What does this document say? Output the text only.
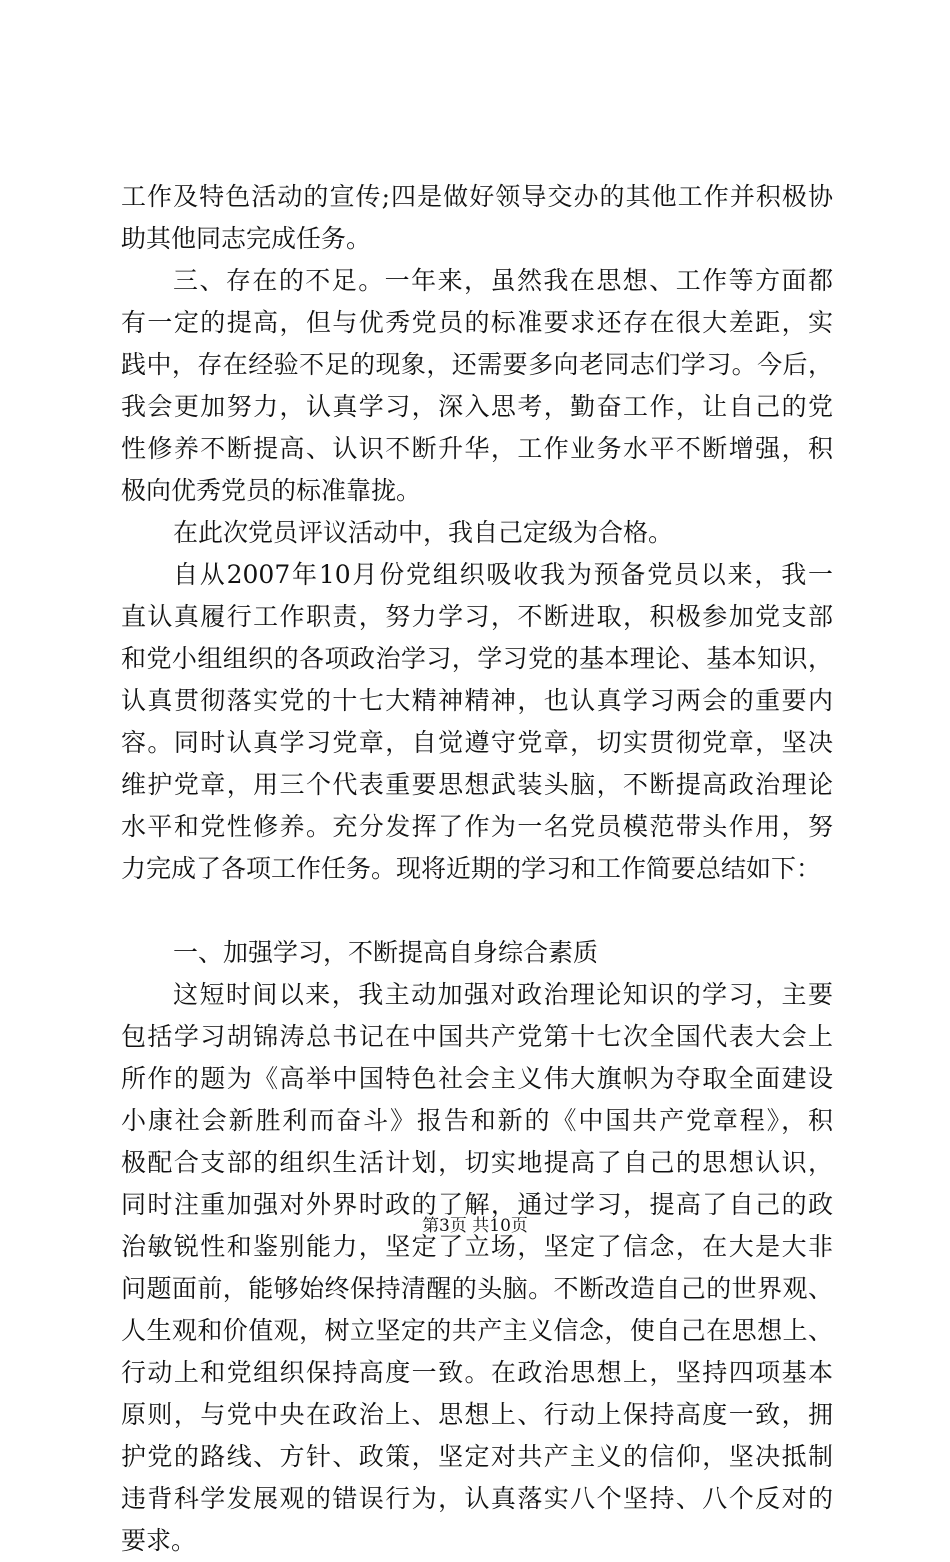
工作及特色活动的宣传;四是做好领导交办的其他工作并积极协
助其他同志完成任务。
三、存在的不足。一年来，虽然我在思想、工作等方面都
有一定的提高，但与优秀党员的标准要求还存在很大差距，实
践中，存在经验不足的现象，还需要多向老同志们学习。今后，
我会更加努力，认真学习，深入思考，勤奋工作，让自己的党
性修养不断提高、认识不断升华，工作业务水平不断增强，积
极向优秀党员的标准靠拢。
在此次党员评议活动中，我自己定级为合格。
自从2007年10月份党组织吸收我为预备党员以来，我一
直认真履行工作职责，努力学习，不断进取，积极参加党支部
和党小组组织的各项政治学习，学习党的基本理论、基本知识，
认真贯彻落实党的十七大精神精神，也认真学习两会的重要内
容。同时认真学习党章，自觉遵守党章，切实贯彻党章，坚决
维护党章，用三个代表重要思想武装头脑，不断提高政治理论
水平和党性修养。充分发挥了作为一名党员模范带头作用，努
力完成了各项工作任务。现将近期的学习和工作简要总结如下：
一、加强学习，不断提高自身综合素质
这短时间以来，我主动加强对政治理论知识的学习，主要
包括学习胡锦涛总书记在中国共产党第十七次全国代表大会上
所作的题为《高举中国特色社会主义伟大旗帜为夺取全面建设
小康社会新胜利而奋斗》报告和新的《中国共产党章程》，积
极配合支部的组织生活计划，切实地提高了自己的思想认识，
同时注重加强对外界时政的了解，通过学习，提高了自己的政
治敏锐性和鉴别能力，坚定了立场，坚定了信念，在大是大非
问题面前，能够始终保持清醒的头脑。不断改造自己的世界观、
人生观和价值观，树立坚定的共产主义信念，使自己在思想上、
行动上和党组织保持高度一致。在政治思想上，坚持四项基本
原则，与党中央在政治上、思想上、行动上保持高度一致，拥
护党的路线、方针、政策，坚定对共产主义的信仰，坚决抵制
违背科学发展观的错误行为，认真落实八个坚持、八个反对的
要求。
第3页 共10页
